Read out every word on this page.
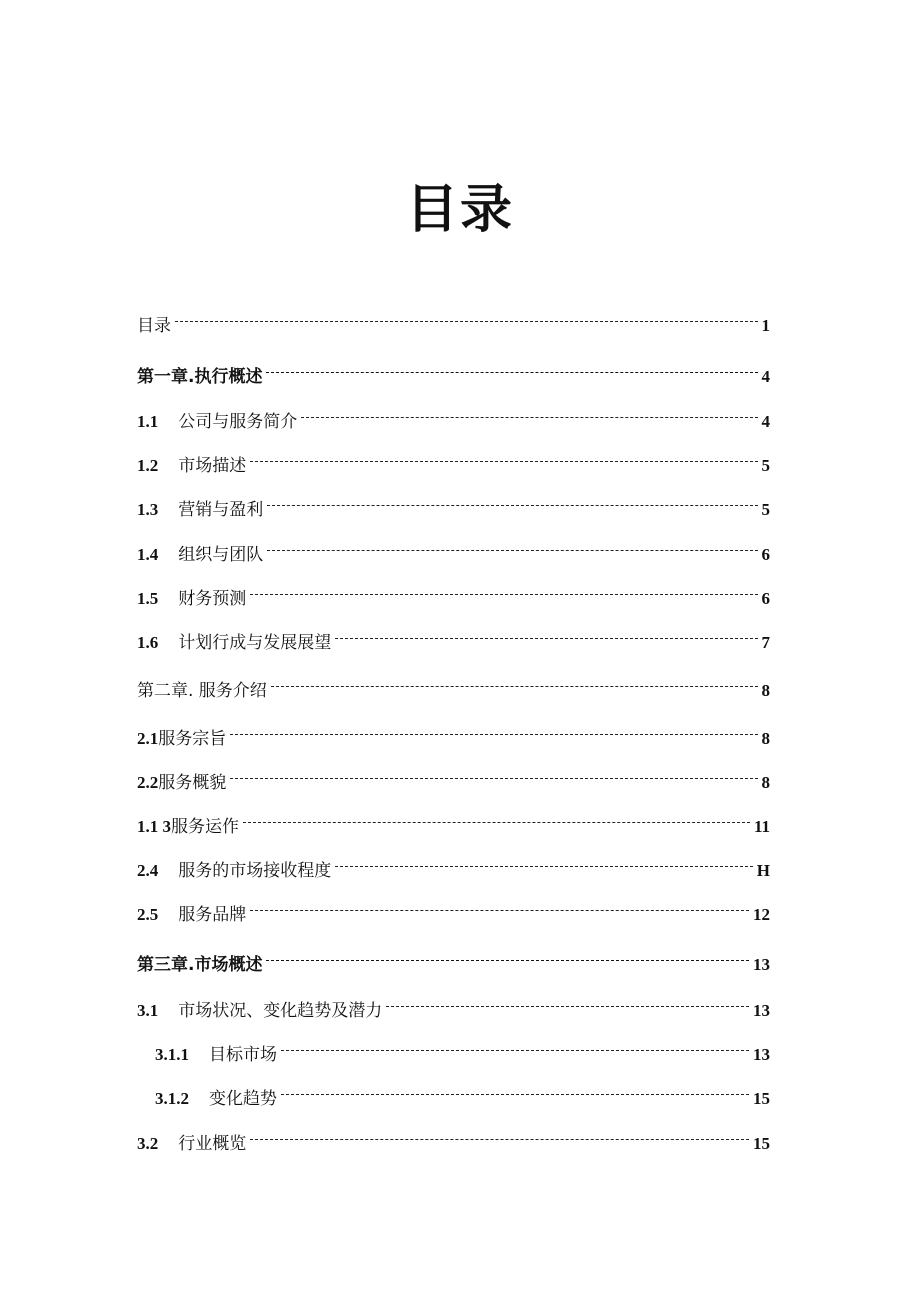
目录
目录	1
第一章.执行概述	4
1.1 公司与服务简介	4
1.2 市场描述	5
1.3 营销与盈利	5
1.4 组织与团队	6
1.5 财务预测	6
1.6 计划行成与发展展望	7
第二章. 服务介绍	8
2.1 服务宗旨	8
2.2 服务概貌	8
1.1 3 服务运作	11
2.4 服务的市场接收程度	H
2.5 服务品牌	12
第三章.市场概述	13
3.1 市场状况、变化趋势及潜力	13
3.1.1 目标市场	13
3.1.2 变化趋势	15
3.2 行业概览	15
